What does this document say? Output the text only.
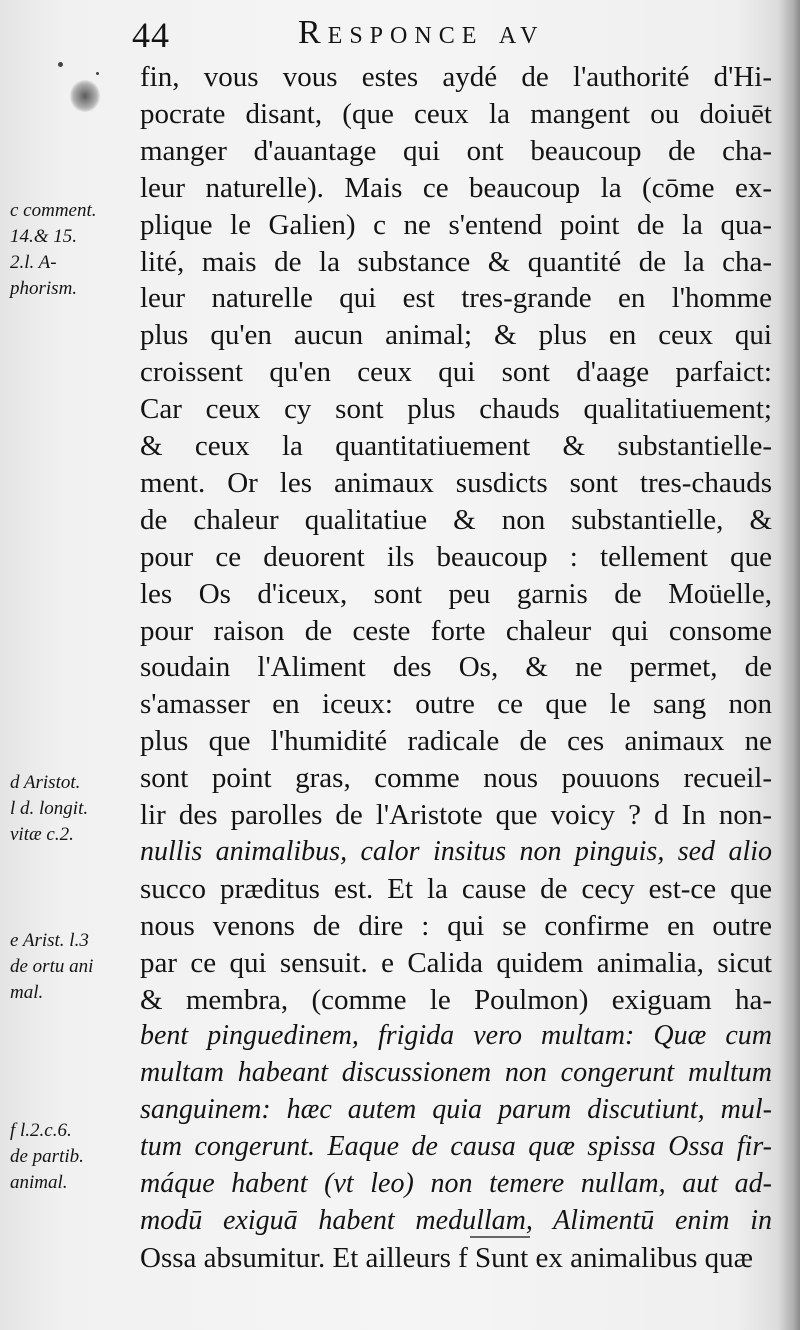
44	Responce av
fin, vous vous estes aydé de l'authorité d'Hi-
pocrate disant, (que ceux la mangent ou doiuēt
manger d'auantage qui ont beaucoup de cha-
leur naturelle). Mais ce beaucoup la (cōme ex-
plique le Galien) c ne s'entend point de la qua-
lité, mais de la substance & quantité de la cha-
leur naturelle qui est tres-grande en l'homme
plus qu'en aucun animal; & plus en ceux qui
croissent qu'en ceux qui sont d'aage parfaict:
Car ceux cy sont plus chauds qualitatiuement;
& ceux la quantitatiuement & substantielle-
ment. Or les animaux susdicts sont tres-chauds
de chaleur qualitatiue & non substantielle, &
pour ce deuorent ils beaucoup : tellement que
les Os d'iceux, sont peu garnis de Moüelle,
pour raison de ceste forte chaleur qui consome
soudain l'Aliment des Os, & ne permet, de
s'amasser en iceux: outre ce que le sang non
plus que l'humidité radicale de ces animaux ne
sont point gras, comme nous pouuons recueil-
lir des parolles de l'Aristote que voicy ? d In non-
nullis animalibus, calor insitus non pinguis, sed alio
succo præditus est. Et la cause de cecy est-ce que
nous venons de dire : qui se confirme en outre
par ce qui sensuit. e Calida quidem animalia, sicut
& membra, (comme le Poulmon) exiguam ha-
bent pinguedinem, frigida vero multam: Quæ cum
multam habeant discussionem non congerunt multum
sanguinem: hæc autem quia parum discutiunt, mul-
tum congerunt. Eaque de causa quæ spissa Ossa fir-
máque habent (vt leo) non temere nullam, aut ad-
modū exiguā habent medullam, Alimentū enim in
Ossa absumitur. Et ailleurs f Sunt ex animalibus quæ
c comment.
14.& 15.
2.l. A-
phorism.
d Aristot.
l d. longit.
vitæ c.2.
e Arist. l.3
de ortu ani
mal.
f l.2.c.6.
de partib.
animal.
